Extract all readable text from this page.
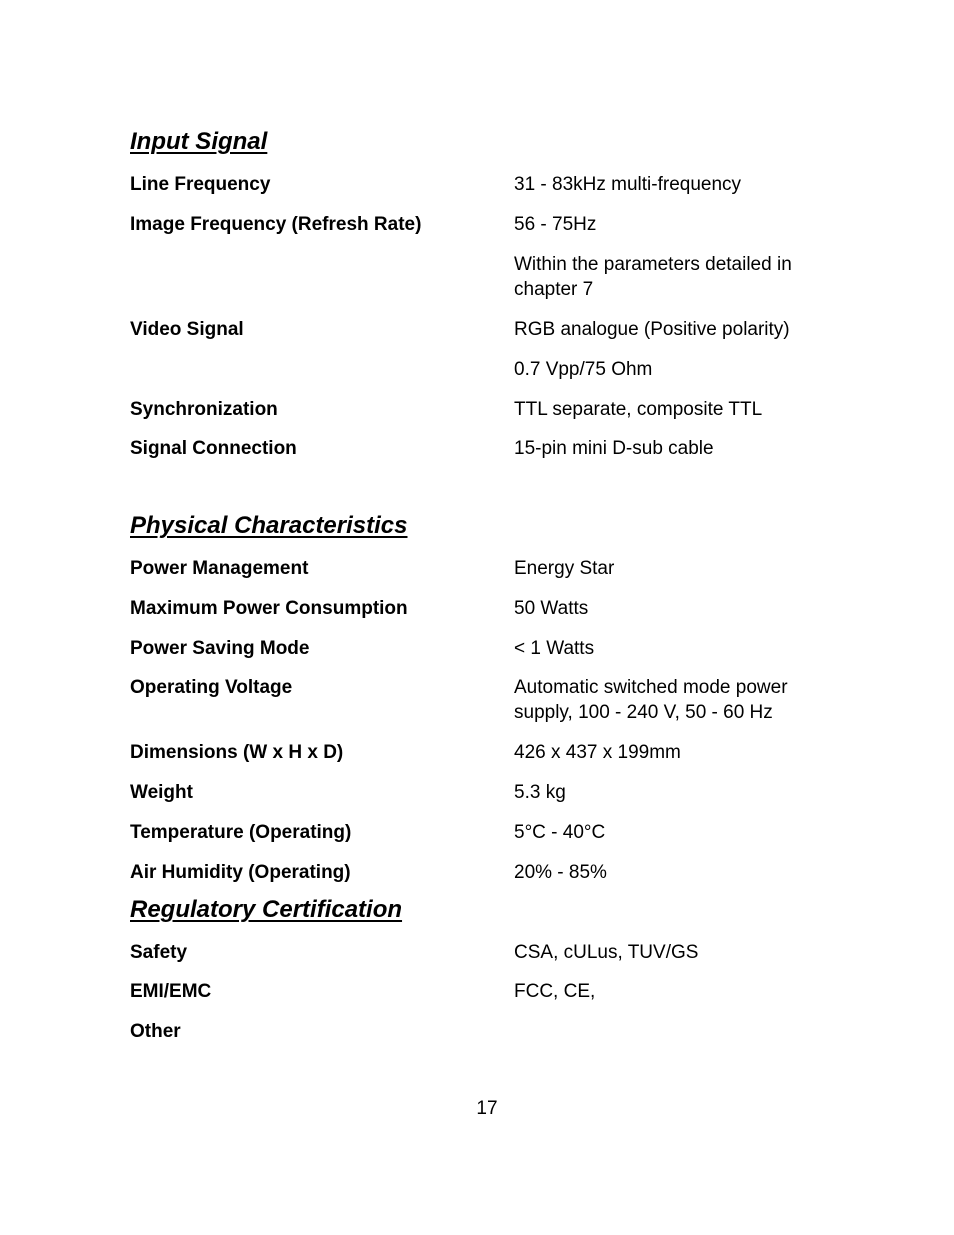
Input Signal
Line Frequency	31 - 83kHz multi-frequency
Image Frequency (Refresh Rate)	56 - 75Hz
Within the parameters detailed in chapter 7
Video Signal	RGB analogue (Positive polarity)
0.7 Vpp/75 Ohm
Synchronization	TTL separate, composite TTL
Signal Connection	15-pin mini D-sub cable
Physical Characteristics
Power Management	Energy Star
Maximum Power Consumption	50 Watts
Power Saving Mode	< 1 Watts
Operating Voltage	Automatic switched mode power supply, 100 - 240 V, 50 - 60 Hz
Dimensions (W x H x D)	426 x 437 x 199mm
Weight	5.3 kg
Temperature (Operating)	5°C - 40°C
Air Humidity (Operating)	20% - 85%
Regulatory Certification
Safety	CSA, cULus, TUV/GS
EMI/EMC	FCC, CE,
Other
17
